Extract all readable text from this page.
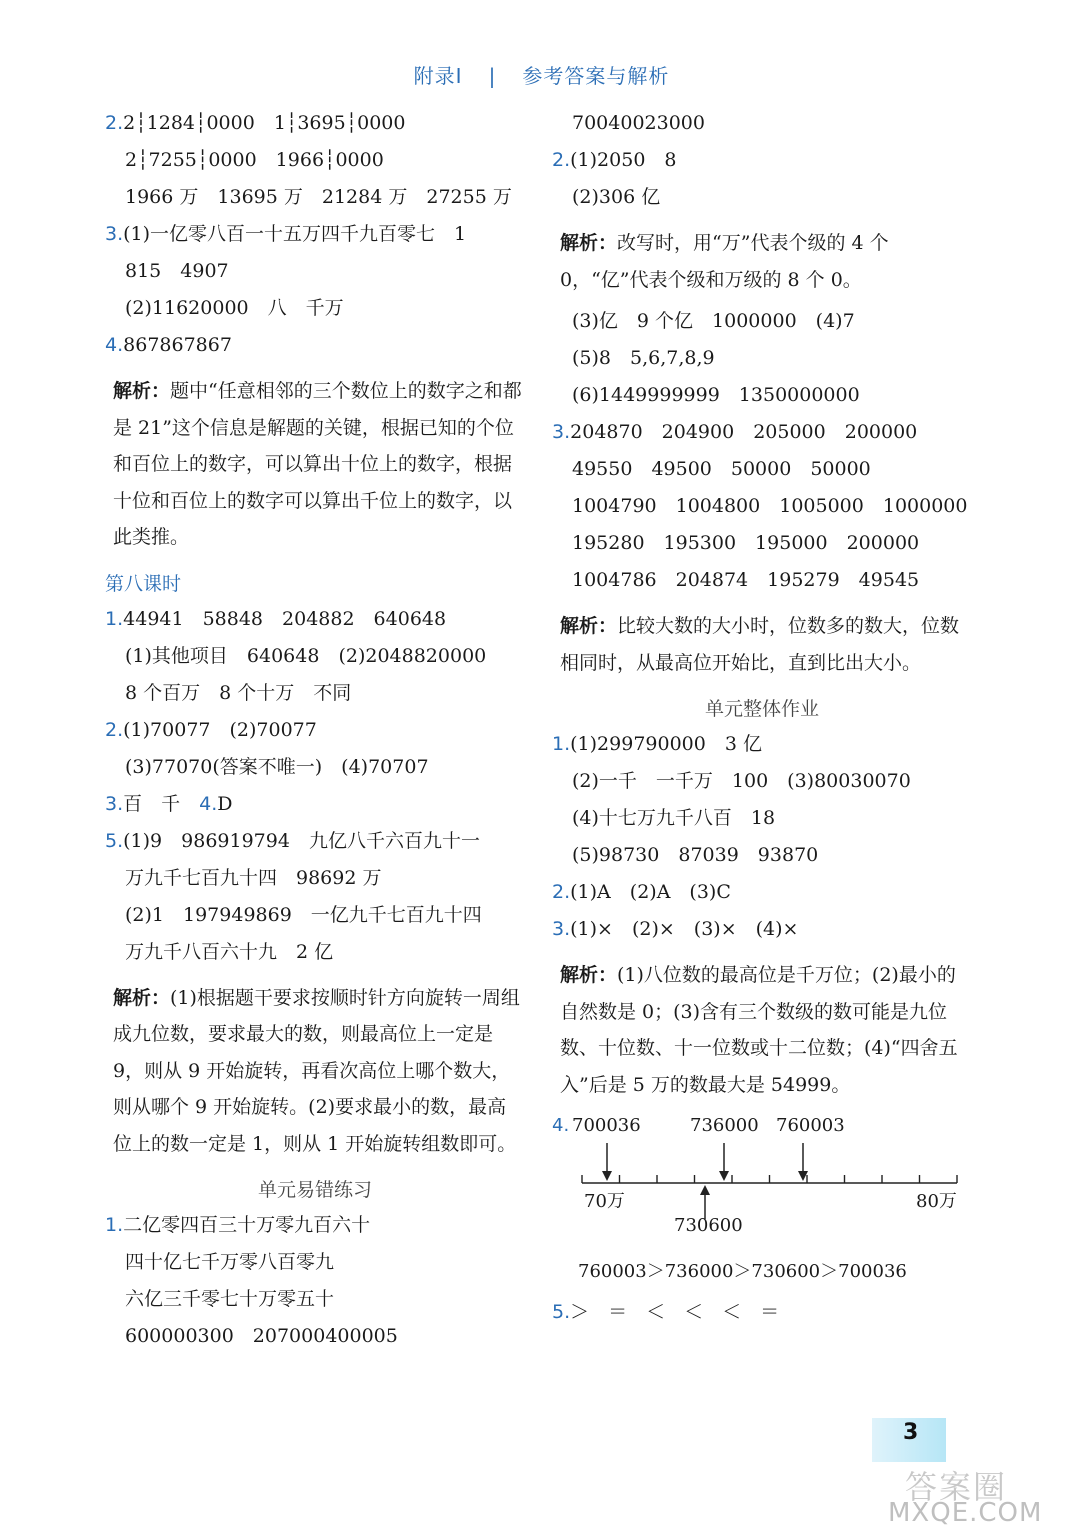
附录Ⅰ | 参考答案与解析
2.2┆1284┆0000　1┆3695┆0000
2┆7255┆0000　1966┆0000
1966 万　13695 万　21284 万　27255 万
3.(1)一亿零八百一十五万四千九百零七　1
815　4907
(2)11620000　八　千万
4.867867867
解析：题中“任意相邻的三个数位上的数字之和都是 21”这个信息是解题的关键，根据已知的个位和百位上的数字，可以算出十位上的数字，根据十位和百位上的数字可以算出千位上的数字，以此类推。
第八课时
1.44941　58848　204882　640648
(1)其他项目　640648　(2)2048820000
8 个百万　8 个十万　不同
2.(1)70077　(2)70077
(3)77070(答案不唯一)　(4)70707
3.百　千　4.D
5.(1)9　986919794　九亿八千六百九十一
万九千七百九十四　98692 万
(2)1　197949869　一亿九千七百九十四
万九千八百六十九　2 亿
解析：(1)根据题干要求按顺时针方向旋转一周组成九位数，要求最大的数，则最高位上一定是 9，则从 9 开始旋转，再看次高位上哪个数大，则从哪个 9 开始旋转。(2)要求最小的数，最高位上的数一定是 1，则从 1 开始旋转组数即可。
单元易错练习
1.二亿零四百三十万零九百六十
四十亿七千万零八百零九
六亿三千零七十万零五十
600000300　207000400005
70040023000
2.(1)2050　8
(2)306 亿
解析：改写时，用“万”代表个级的 4 个 0，“亿”代表个级和万级的 8 个 0。
(3)亿　9 个亿　1000000　(4)7
(5)8　5,6,7,8,9
(6)1449999999　1350000000
3.204870　204900　205000　200000
49550　49500　50000　50000
1004790　1004800　1005000　1000000
195280　195300　195000　200000
1004786　204874　195279　49545
解析：比较大数的大小时，位数多的数大，位数相同时，从最高位开始比，直到比出大小。
单元整体作业
1.(1)299790000　3 亿
(2)一千　一千万　100　(3)80030070
(4)十七万九千八百　18
(5)98730　87039　93870
2.(1)A　(2)A　(3)C
3.(1)×　(2)×　(3)×　(4)×
解析：(1)八位数的最高位是千万位；(2)最小的自然数是 0；(3)含有三个数级的数可能是九位数、十位数、十一位数或十二位数；(4)“四舍五入”后是 5 万的数最大是 54999。
4. 700036	736000 760003
70万	80万
730600
760003＞736000＞730600＞700036
5.＞　＝　＜　＜　＜　＝
3
答案圈
MXQE.COM
